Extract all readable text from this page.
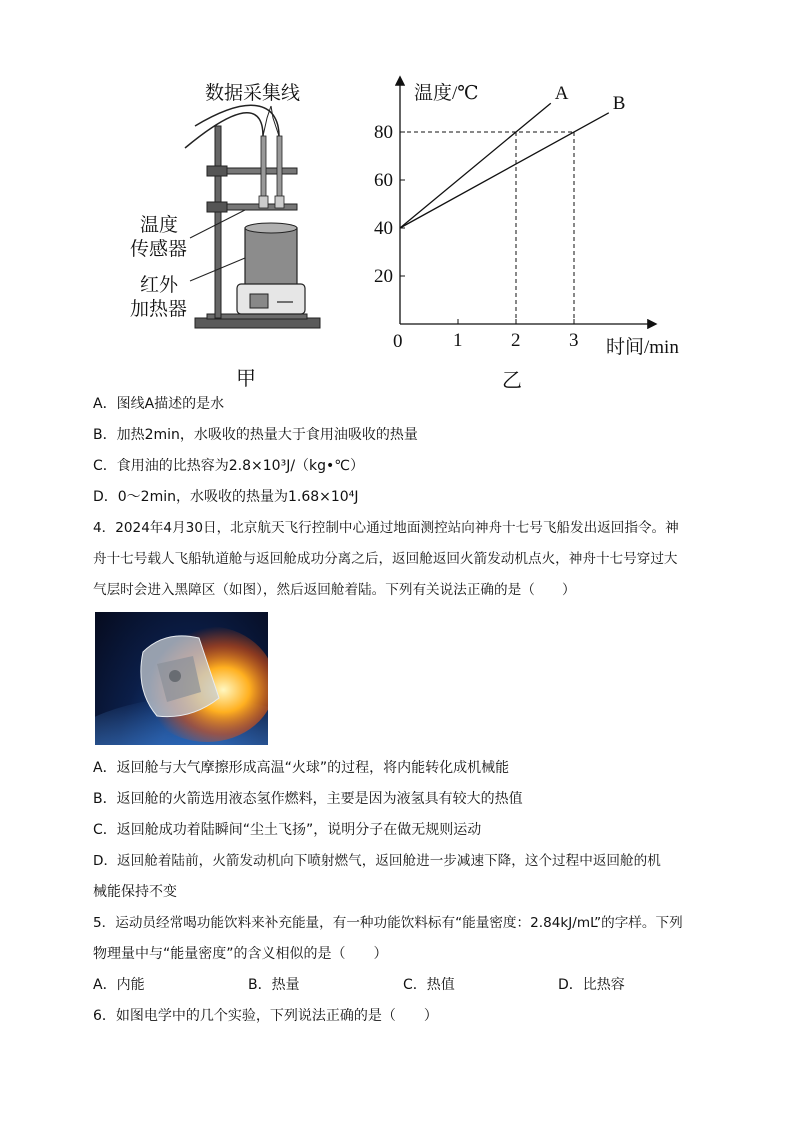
数据采集线
温度
传感器
红外
加热器
甲
20
40
60
80
1	2	3
A B
温度/℃
时间/min
0
乙
A．图线A描述的是水
B．加热2min，水吸收的热量大于食用油吸收的热量
C．食用油的比热容为2.8×10³J/（kg•℃）
D．0～2min，水吸收的热量为1.68×10⁴J
4．2024年4月30日，北京航天飞行控制中心通过地面测控站向神舟十七号飞船发出返回指令。神
舟十七号载人飞船轨道舱与返回舱成功分离之后，返回舱返回火箭发动机点火，神舟十七号穿过大
气层时会进入黑障区（如图），然后返回舱着陆。下列有关说法正确的是（　　）
A．返回舱与大气摩擦形成高温“火球”的过程，将内能转化成机械能
B．返回舱的火箭选用液态氢作燃料，主要是因为液氢具有较大的热值
C．返回舱成功着陆瞬间“尘土飞扬”，说明分子在做无规则运动
D．返回舱着陆前，火箭发动机向下喷射燃气，返回舱进一步减速下降，这个过程中返回舱的机
械能保持不变
5．运动员经常喝功能饮料来补充能量，有一种功能饮料标有“能量密度：2.84kJ/mL”的字样。下列
物理量中与“能量密度”的含义相似的是（　　）
A．内能	B．热量	C．热值	D．比热容
6．如图电学中的几个实验，下列说法正确的是（　　）
